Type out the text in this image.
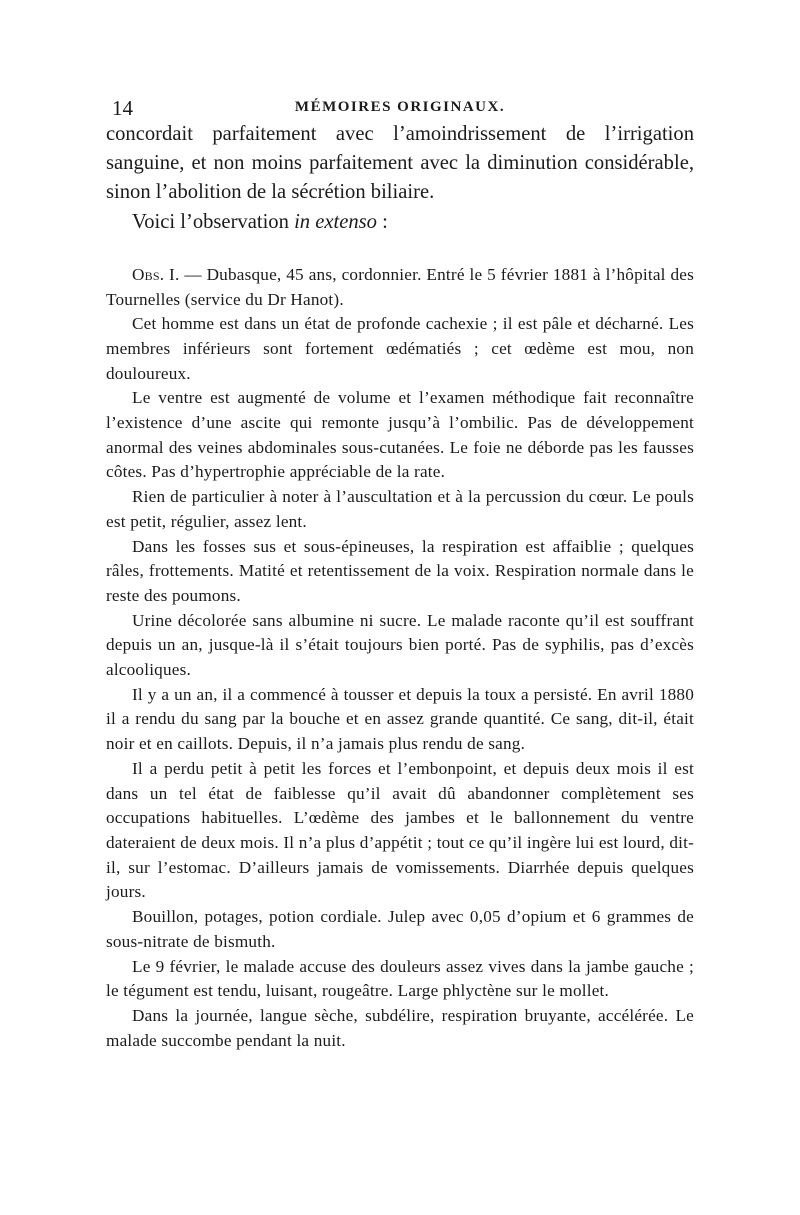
14	MÉMOIRES ORIGINAUX.

concordait parfaitement avec l’amoindrissement de l’irrigation sanguine, et non moins parfaitement avec la diminution considérable, sinon l’abolition de la sécrétion biliaire.

Voici l’observation in extenso :

Obs. I. — Dubasque, 45 ans, cordonnier. Entré le 5 février 1881 à l’hôpital des Tournelles (service du Dr Hanot).

Cet homme est dans un état de profonde cachexie ; il est pâle et décharné. Les membres inférieurs sont fortement œdématiés ; cet œdème est mou, non douloureux.

Le ventre est augmenté de volume et l’examen méthodique fait reconnaître l’existence d’une ascite qui remonte jusqu’à l’ombilic. Pas de développement anormal des veines abdominales sous-cutanées. Le foie ne déborde pas les fausses côtes. Pas d’hypertrophie appréciable de la rate.

Rien de particulier à noter à l’auscultation et à la percussion du cœur. Le pouls est petit, régulier, assez lent.

Dans les fosses sus et sous-épineuses, la respiration est affaiblie ; quelques râles, frottements. Matité et retentissement de la voix. Respiration normale dans le reste des poumons.

Urine décolorée sans albumine ni sucre. Le malade raconte qu’il est souffrant depuis un an, jusque-là il s’était toujours bien porté. Pas de syphilis, pas d’excès alcooliques.

Il y a un an, il a commencé à tousser et depuis la toux a persisté. En avril 1880 il a rendu du sang par la bouche et en assez grande quantité. Ce sang, dit-il, était noir et en caillots. Depuis, il n’a jamais plus rendu de sang.

Il a perdu petit à petit les forces et l’embonpoint, et depuis deux mois il est dans un tel état de faiblesse qu’il avait dû abandonner complètement ses occupations habituelles. L’œdème des jambes et le ballonnement du ventre dateraient de deux mois. Il n’a plus d’appétit ; tout ce qu’il ingère lui est lourd, dit-il, sur l’estomac. D’ailleurs jamais de vomissements. Diarrhée depuis quelques jours.

Bouillon, potages, potion cordiale. Julep avec 0,05 d’opium et 6 grammes de sous-nitrate de bismuth.

Le 9 février, le malade accuse des douleurs assez vives dans la jambe gauche ; le tégument est tendu, luisant, rougeâtre. Large phlyctène sur le mollet.

Dans la journée, langue sèche, subdélire, respiration bruyante, accélérée. Le malade succombe pendant la nuit.
